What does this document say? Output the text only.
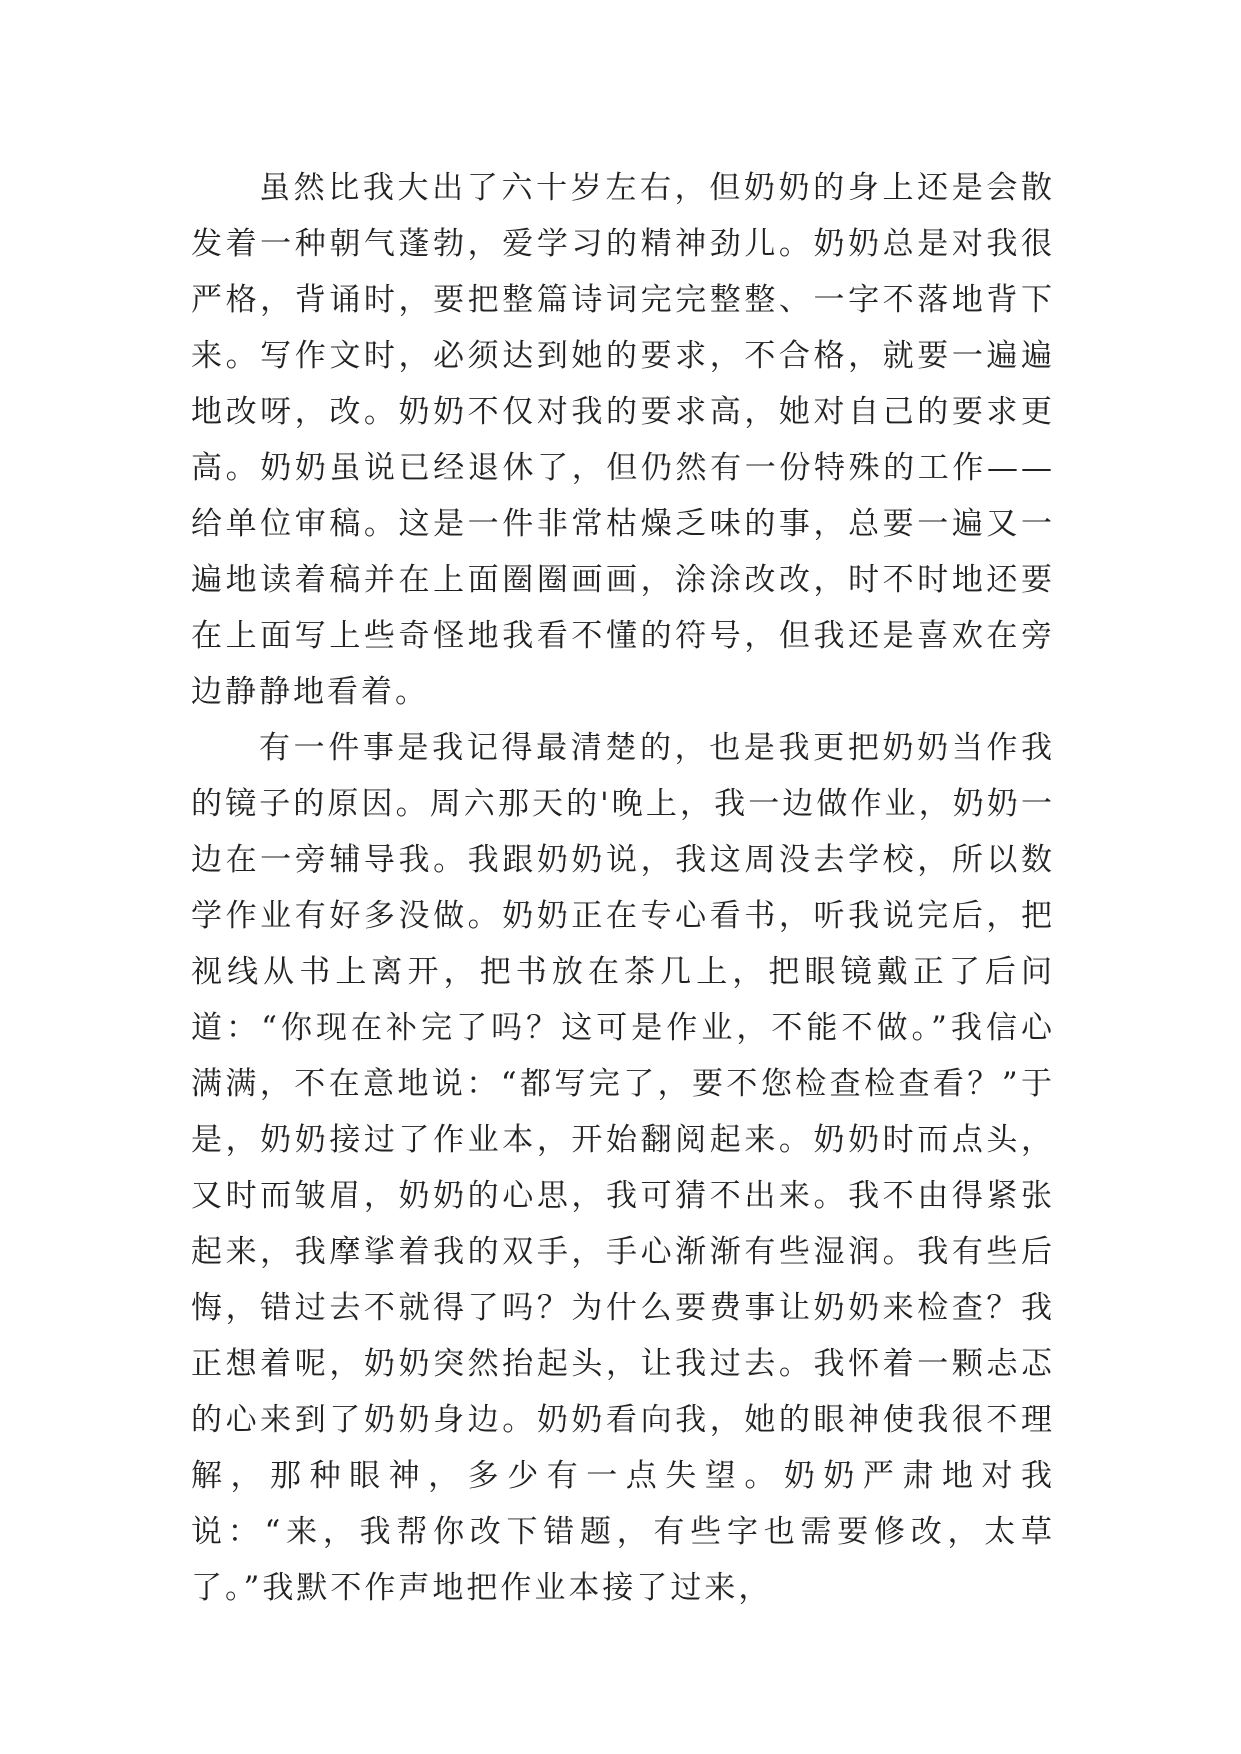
虽然比我大出了六十岁左右，但奶奶的身上还是会散发着一种朝气蓬勃，爱学习的精神劲儿。奶奶总是对我很严格，背诵时，要把整篇诗词完完整整、一字不落地背下来。写作文时，必须达到她的要求，不合格，就要一遍遍地改呀，改。奶奶不仅对我的要求高，她对自己的要求更高。奶奶虽说已经退休了，但仍然有一份特殊的工作——给单位审稿。这是一件非常枯燥乏味的事，总要一遍又一遍地读着稿并在上面圈圈画画，涂涂改改，时不时地还要在上面写上些奇怪地我看不懂的符号，但我还是喜欢在旁边静静地看着。

有一件事是我记得最清楚的，也是我更把奶奶当作我的镜子的原因。周六那天的'晚上，我一边做作业，奶奶一边在一旁辅导我。我跟奶奶说，我这周没去学校，所以数学作业有好多没做。奶奶正在专心看书，听我说完后，把视线从书上离开，把书放在茶几上，把眼镜戴正了后问道：“你现在补完了吗？这可是作业，不能不做。”我信心满满，不在意地说：“都写完了，要不您检查检查看？”于是，奶奶接过了作业本，开始翻阅起来。奶奶时而点头，又时而皱眉，奶奶的心思，我可猜不出来。我不由得紧张起来，我摩挲着我的双手，手心渐渐有些湿润。我有些后悔，错过去不就得了吗？为什么要费事让奶奶来检查？我正想着呢，奶奶突然抬起头，让我过去。我怀着一颗忐忑的心来到了奶奶身边。奶奶看向我，她的眼神使我很不理解，那种眼神，多少有一点失望。奶奶严肃地对我说：“来，我帮你改下错题，有些字也需要修改，太草了。”我默不作声地把作业本接了过来，
